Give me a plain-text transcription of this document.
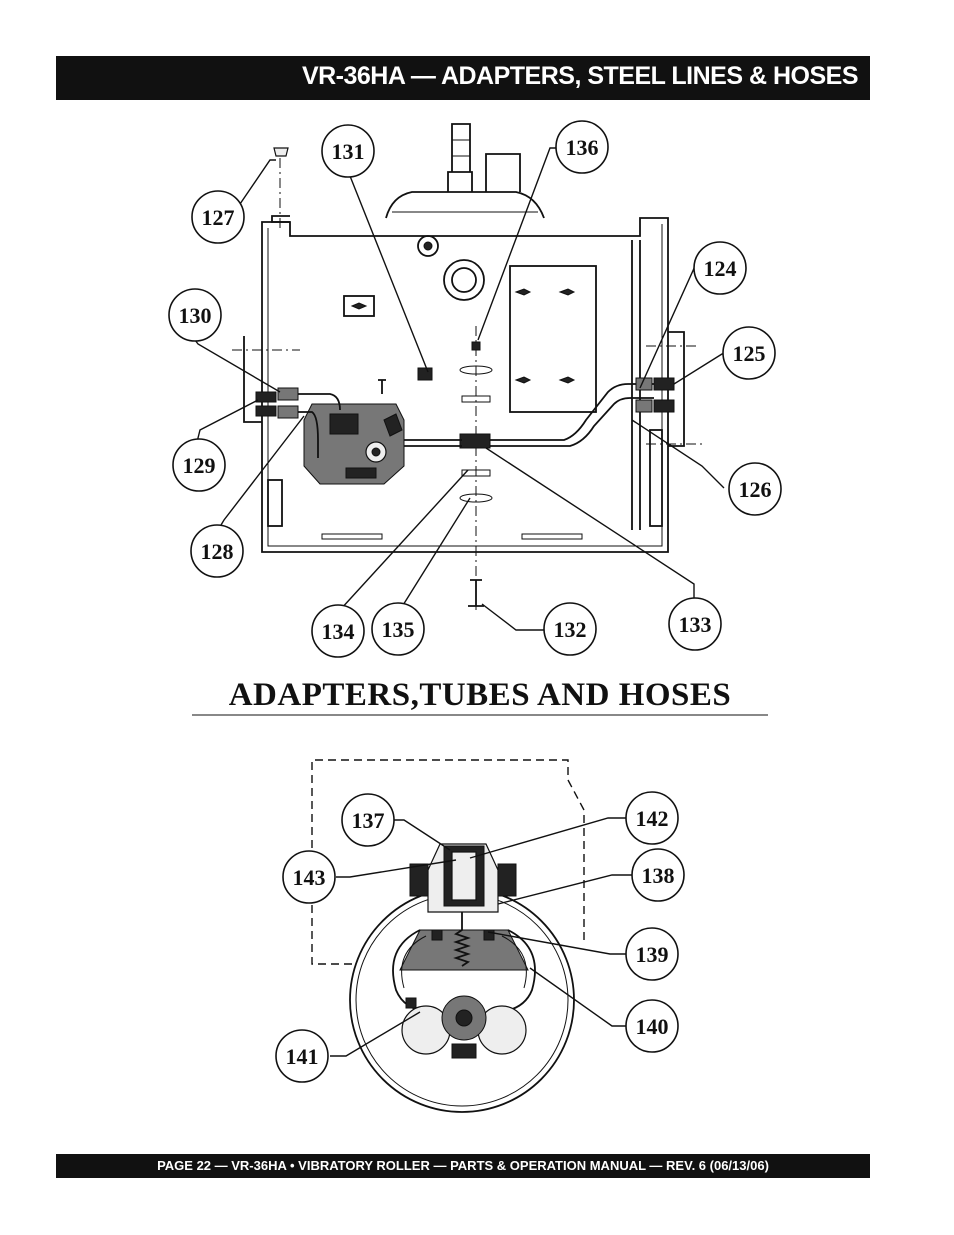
VR-36HA — ADAPTERS, STEEL LINES & HOSES
127
131	136
124
130
125
129
126
128
134 135	132	133
ADAPTERS,TUBES AND HOSES
137	142
143	138
139
140
141
PAGE 22 — VR-36HA • VIBRATORY ROLLER — PARTS & OPERATION MANUAL — REV. 6 (06/13/06)
